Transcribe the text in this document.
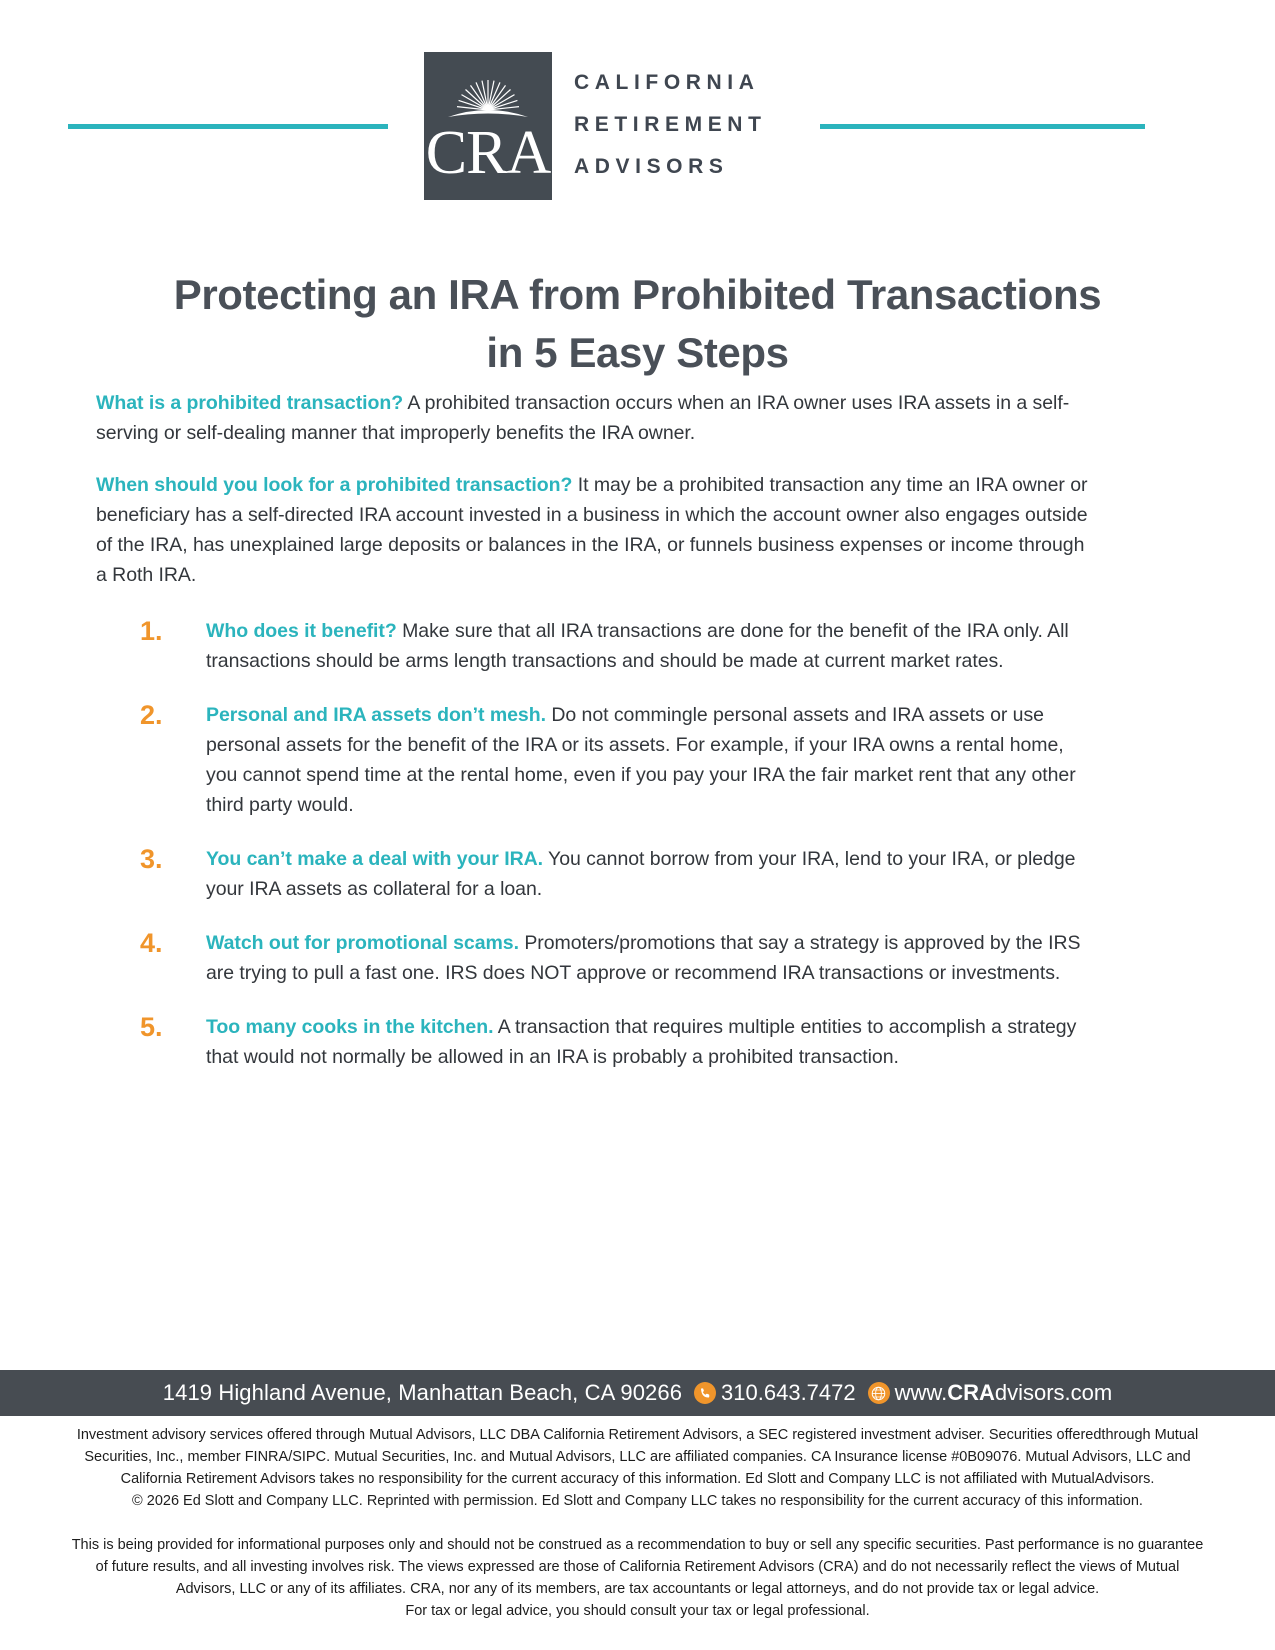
CRA
CALIFORNIA
RETIREMENT
ADVISORS
Protecting an IRA from Prohibited Transactions in 5 Easy Steps

What is a prohibited transaction? A prohibited transaction occurs when an IRA owner uses IRA assets in a self-serving or self-dealing manner that improperly benefits the IRA owner.

When should you look for a prohibited transaction? It may be a prohibited transaction any time an IRA owner or beneficiary has a self-directed IRA account invested in a business in which the account owner also engages outside of the IRA, has unexplained large deposits or balances in the IRA, or funnels business expenses or income through a Roth IRA.

1.	Who does it benefit? Make sure that all IRA transactions are done for the benefit of the IRA only. All transactions should be arms length transactions and should be made at current market rates.
2.	Personal and IRA assets don’t mesh. Do not commingle personal assets and IRA assets or use personal assets for the benefit of the IRA or its assets. For example, if your IRA owns a rental home, you cannot spend time at the rental home, even if you pay your IRA the fair market rent that any other third party would.
3.	You can’t make a deal with your IRA. You cannot borrow from your IRA, lend to your IRA, or pledge your IRA assets as collateral for a loan.
4.	Watch out for promotional scams. Promoters/promotions that say a strategy is approved by the IRS are trying to pull a fast one. IRS does NOT approve or recommend IRA transactions or investments.
5.	Too many cooks in the kitchen. A transaction that requires multiple entities to accomplish a strategy that would not normally be allowed in an IRA is probably a prohibited transaction.
1419 Highland Avenue, Manhattan Beach, CA 90266 310.643.7472 www.CRAdvisors.com

Investment advisory services offered through Mutual Advisors, LLC DBA California Retirement Advisors, a SEC registered investment adviser. Securities offeredthrough Mutual Securities, Inc., member FINRA/SIPC. Mutual Securities, Inc. and Mutual Advisors, LLC are affiliated companies. CA Insurance license #0B09076. Mutual Advisors, LLC and California Retirement Advisors takes no responsibility for the current accuracy of this information. Ed Slott and Company LLC is not affiliated with MutualAdvisors.

© 2026 Ed Slott and Company LLC. Reprinted with permission. Ed Slott and Company LLC takes no responsibility for the current accuracy of this information.

This is being provided for informational purposes only and should not be construed as a recommendation to buy or sell any specific securities. Past performance is no guarantee of future results, and all investing involves risk. The views expressed are those of California Retirement Advisors (CRA) and do not necessarily reflect the views of Mutual Advisors, LLC or any of its affiliates. CRA, nor any of its members, are tax accountants or legal attorneys, and do not provide tax or legal advice.

For tax or legal advice, you should consult your tax or legal professional.
